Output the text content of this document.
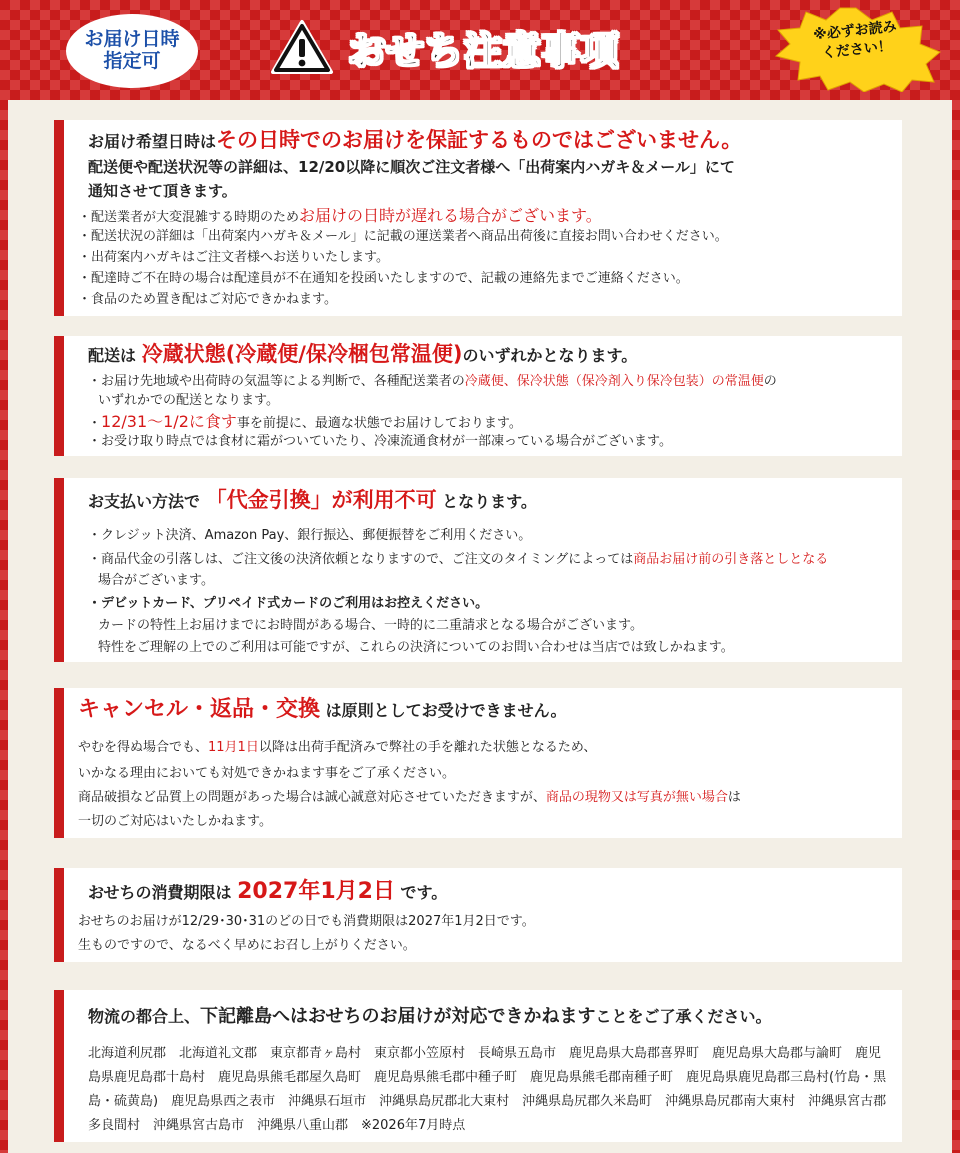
お届け日時
指定可	おせち注意事項	※必ずお読み
ください！
お届け希望日時はその日時でのお届けを保証するものではございません。
配送便や配送状況等の詳細は、12/20以降に順次ご注文者様へ「出荷案内ハガキ＆メール」にて
通知させて頂きます。
・配送業者が大変混雑する時期のためお届けの日時が遅れる場合がございます。
・配送状況の詳細は「出荷案内ハガキ＆メール」に記載の運送業者へ商品出荷後に直接お問い合わせください。
・出荷案内ハガキはご注文者様へお送りいたします。
・配達時ご不在時の場合は配達員が不在通知を投函いたしますので、記載の連絡先までご連絡ください。
・食品のため置き配はご対応できかねます。
配送は 冷蔵状態(冷蔵便/保冷梱包常温便)のいずれかとなります。
・お届け先地域や出荷時の気温等による判断で、各種配送業者の冷蔵便、保冷状態（保冷剤入り保冷包装）の常温便の
いずれかでの配送となります。
・12/31〜1/2に食す事を前提に、最適な状態でお届けしております。
・お受け取り時点では食材に霜がついていたり、冷凍流通食材が一部凍っている場合がございます。
お支払い方法で 「代金引換」が利用不可 となります。
・クレジット決済、Amazon Pay、銀行振込、郵便振替をご利用ください。
・商品代金の引落しは、ご注文後の決済依頼となりますので、ご注文のタイミングによっては商品お届け前の引き落としとなる
場合がございます。
・デビットカード、プリペイド式カードのご利用はお控えください。
カードの特性上お届けまでにお時間がある場合、一時的に二重請求となる場合がございます。
特性をご理解の上でのご利用は可能ですが、これらの決済についてのお問い合わせは当店では致しかねます。
キャンセル・返品・交換 は原則としてお受けできません。
やむを得ぬ場合でも、11月1日以降は出荷手配済みで弊社の手を離れた状態となるため、
いかなる理由においても対処できかねます事をご了承ください。
商品破損など品質上の問題があった場合は誠心誠意対応させていただきますが、商品の現物又は写真が無い場合は
一切のご対応はいたしかねます。
おせちの消費期限は 2027年1月2日 です。
おせちのお届けが12/29･30･31のどの日でも消費期限は2027年1月2日です。
生ものですので、なるべく早めにお召し上がりください。
物流の都合上、下記離島へはおせちのお届けが対応できかねますことをご了承ください。
北海道利尻郡　北海道礼文郡　東京都青ヶ島村　東京都小笠原村　長崎県五島市　鹿児島県大島郡喜界町　鹿児島県大島郡与論町　鹿児島県鹿児島郡十島村　鹿児島県熊毛郡屋久島町　鹿児島県熊毛郡中種子町　鹿児島県熊毛郡南種子町　鹿児島県鹿児島郡三島村(竹島・黒島・硫黄島)　鹿児島県西之表市　沖縄県石垣市　沖縄県島尻郡北大東村　沖縄県島尻郡久米島町　沖縄県島尻郡南大東村　沖縄県宮古郡多良間村　沖縄県宮古島市　沖縄県八重山郡　※2026年7月時点
